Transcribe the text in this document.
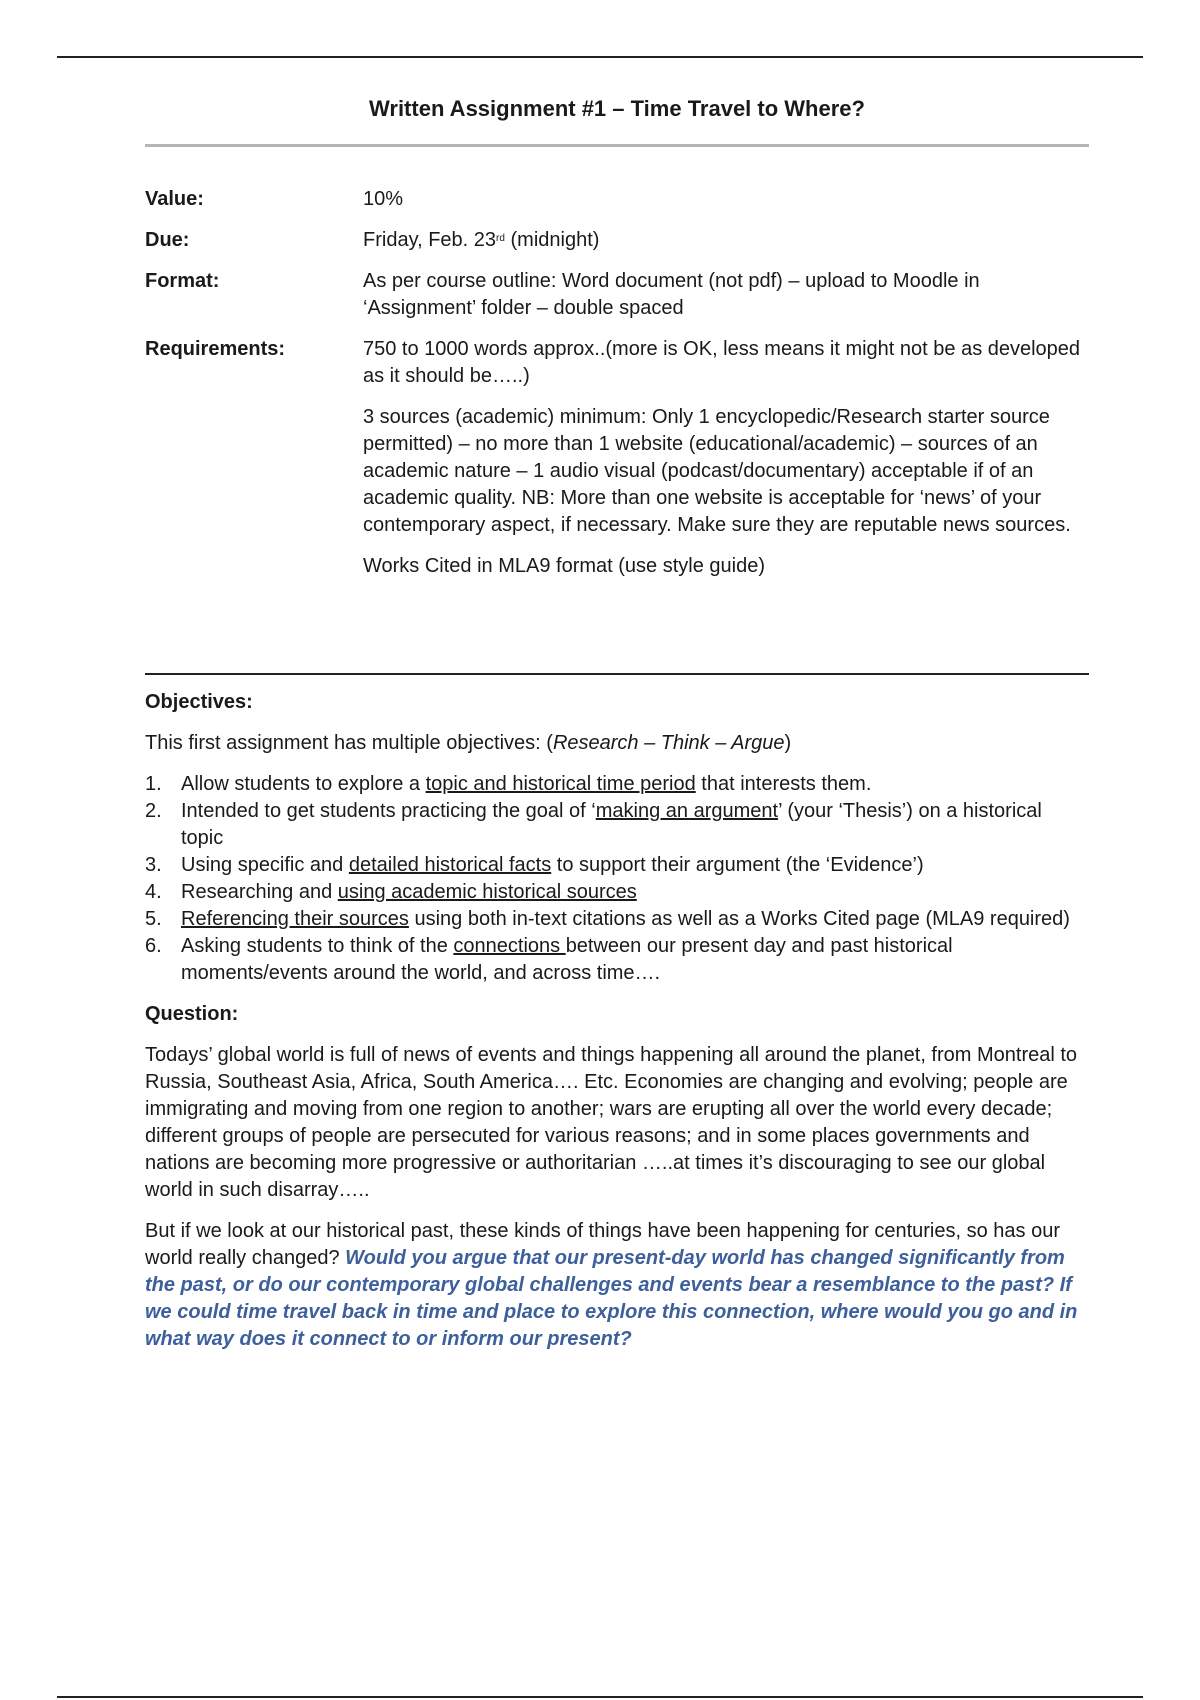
Written Assignment #1 – Time Travel to Where?
Value:	10%
Due:	Friday, Feb. 23rd (midnight)
Format:	As per course outline: Word document (not pdf) – upload to Moodle in ‘Assignment’ folder – double spaced
Requirements:	750 to 1000 words approx..(more is OK, less means it might not be as developed as it should be…..)

3 sources (academic) minimum: Only 1 encyclopedic/Research starter source permitted) – no more than 1 website (educational/academic) – sources of an academic nature – 1 audio visual (podcast/documentary) acceptable if of an academic quality. NB: More than one website is acceptable for ‘news’ of your contemporary aspect, if necessary. Make sure they are reputable news sources.

Works Cited in MLA9 format (use style guide)

Objectives:
This first assignment has multiple objectives: (Research – Think – Argue)
1. Allow students to explore a topic and historical time period that interests them.
2. Intended to get students practicing the goal of ‘making an argument’ (your ‘Thesis’) on a historical topic
3. Using specific and detailed historical facts to support their argument (the ‘Evidence’)
4. Researching and using academic historical sources
5. Referencing their sources using both in-text citations as well as a Works Cited page (MLA9 required)
6. Asking students to think of the connections between our present day and past historical moments/events around the world, and across time….
Question:

Todays’ global world is full of news of events and things happening all around the planet, from Montreal to Russia, Southeast Asia, Africa, South America…. Etc. Economies are changing and evolving; people are immigrating and moving from one region to another; wars are erupting all over the world every decade; different groups of people are persecuted for various reasons; and in some places governments and nations are becoming more progressive or authoritarian …..at times it’s discouraging to see our global world in such disarray…..

But if we look at our historical past, these kinds of things have been happening for centuries, so has our world really changed? Would you argue that our present-day world has changed significantly from the past, or do our contemporary global challenges and events bear a resemblance to the past? If we could time travel back in time and place to explore this connection, where would you go and in what way does it connect to or inform our present?
